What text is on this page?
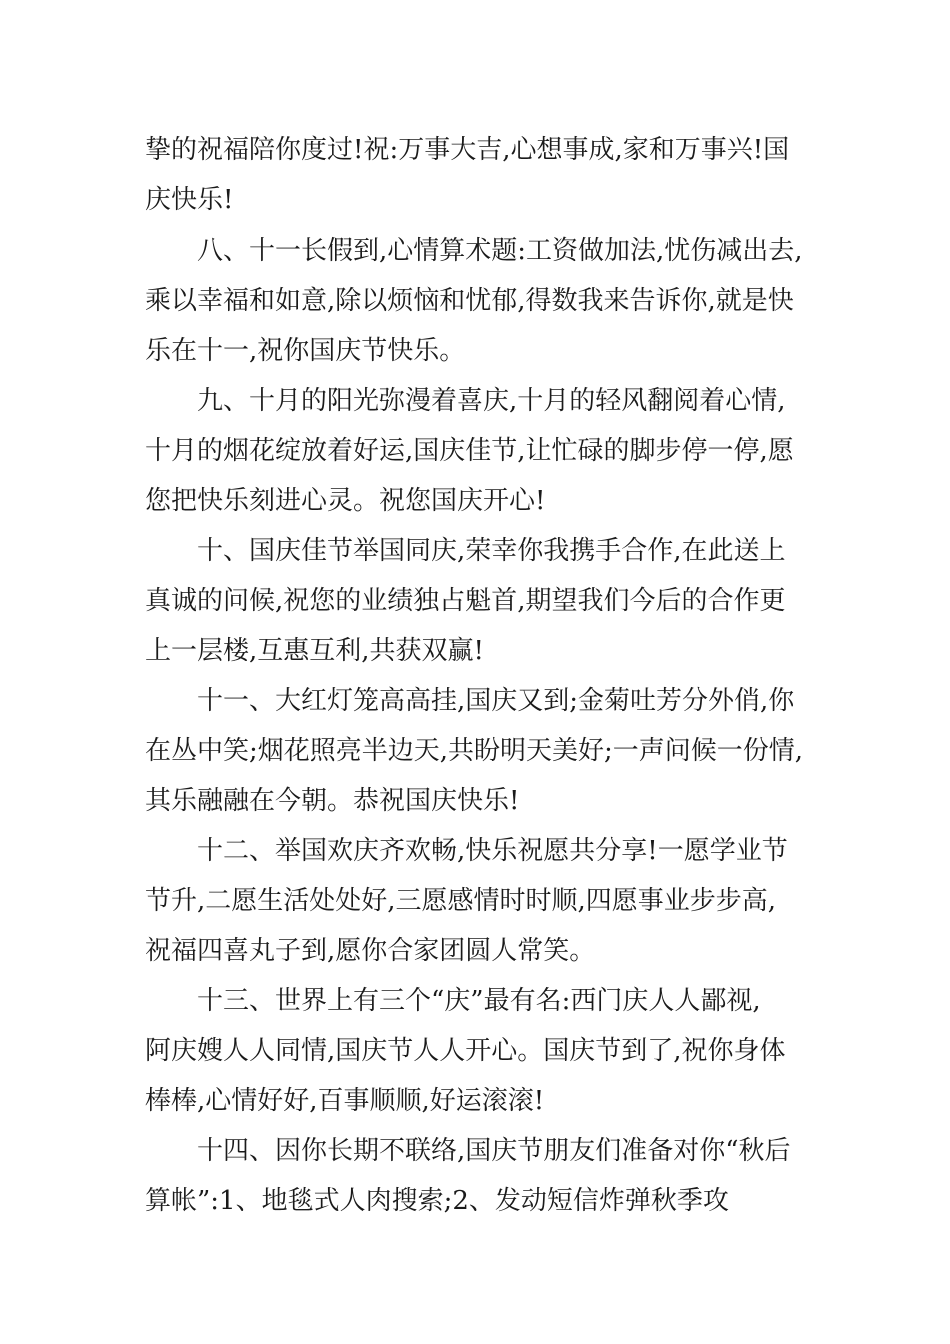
挚的祝福陪你度过!祝:万事大吉,心想事成,家和万事兴!国
庆快乐!
八、十一长假到,心情算术题:工资做加法,忧伤减出去,
乘以幸福和如意,除以烦恼和忧郁,得数我来告诉你,就是快
乐在十一,祝你国庆节快乐。
九、十月的阳光弥漫着喜庆,十月的轻风翻阅着心情,
十月的烟花绽放着好运,国庆佳节,让忙碌的脚步停一停,愿
您把快乐刻进心灵。祝您国庆开心!
十、国庆佳节举国同庆,荣幸你我携手合作,在此送上
真诚的问候,祝您的业绩独占魁首,期望我们今后的合作更
上一层楼,互惠互利,共获双赢!
十一、大红灯笼高高挂,国庆又到;金菊吐芳分外俏,你
在丛中笑;烟花照亮半边天,共盼明天美好;一声问候一份情,
其乐融融在今朝。恭祝国庆快乐!
十二、举国欢庆齐欢畅,快乐祝愿共分享!一愿学业节
节升,二愿生活处处好,三愿感情时时顺,四愿事业步步高,
祝福四喜丸子到,愿你合家团圆人常笑。
十三、世界上有三个“庆”最有名:西门庆人人鄙视,
阿庆嫂人人同情,国庆节人人开心。国庆节到了,祝你身体
棒棒,心情好好,百事顺顺,好运滚滚!
十四、因你长期不联络,国庆节朋友们准备对你“秋后
算帐”:1、地毯式人肉搜索;2、发动短信炸弹秋季攻
